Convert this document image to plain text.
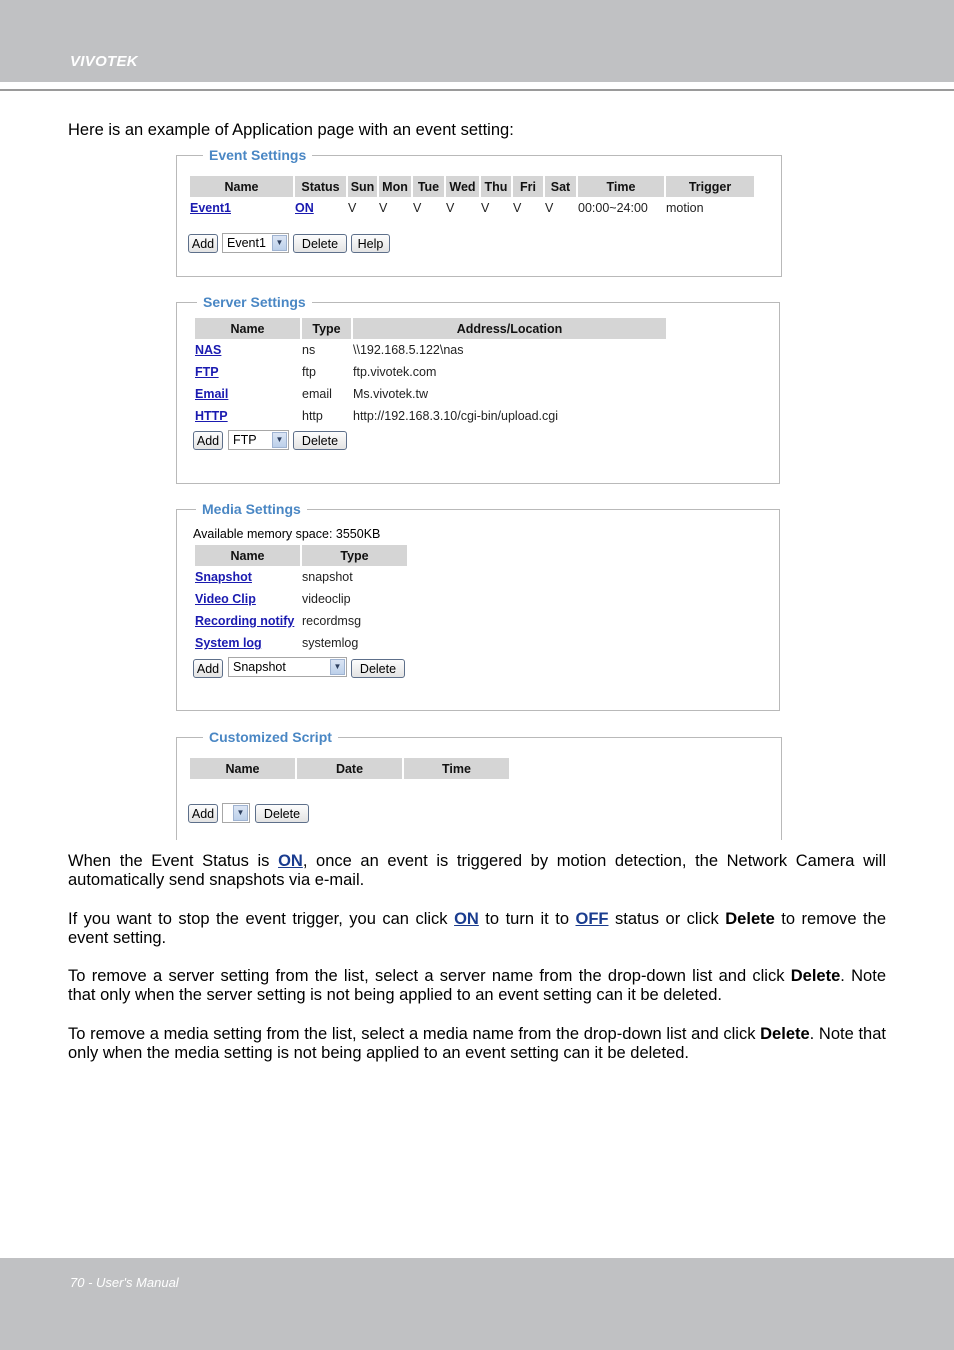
VIVOTEK
Here is an example of Application page with an event setting:
Event Settings
Name	Status	Sun	Mon	Tue	Wed	Thu	Fri	Sat	Time	Trigger
Event1	ON	V	V	V	V	V	V	V	00:00~24:00	motion
Add	Event1	▼	Delete	Help
Server Settings
Name	Type	Address/Location
NAS	ns	\\192.168.5.122\nas
FTP	ftp	ftp.vivotek.com
Email	email	Ms.vivotek.tw
HTTP	http	http://192.168.3.10/cgi-bin/upload.cgi
Add	FTP	▼	Delete
Media Settings
Available memory space: 3550KB
Name	Type
Snapshot	snapshot
Video Clip	videoclip
Recording notify	recordmsg
System log	systemlog
Add	Snapshot	▼	Delete
Customized Script
Name	Date	Time
Add	▼	Delete
When the Event Status is ON, once an event is triggered by motion detection, the Network Camera will automatically send snapshots via e-mail.
If you want to stop the event trigger, you can click ON to turn it to OFF status or click Delete to remove the event setting.
To remove a server setting from the list, select a server name from the drop-down list and click Delete. Note that only when the server setting is not being applied to an event setting can it be deleted.
To remove a media setting from the list, select a media name from the drop-down list and click Delete. Note that only when the media setting is not being applied to an event setting can it be deleted.
70 - User's Manual
